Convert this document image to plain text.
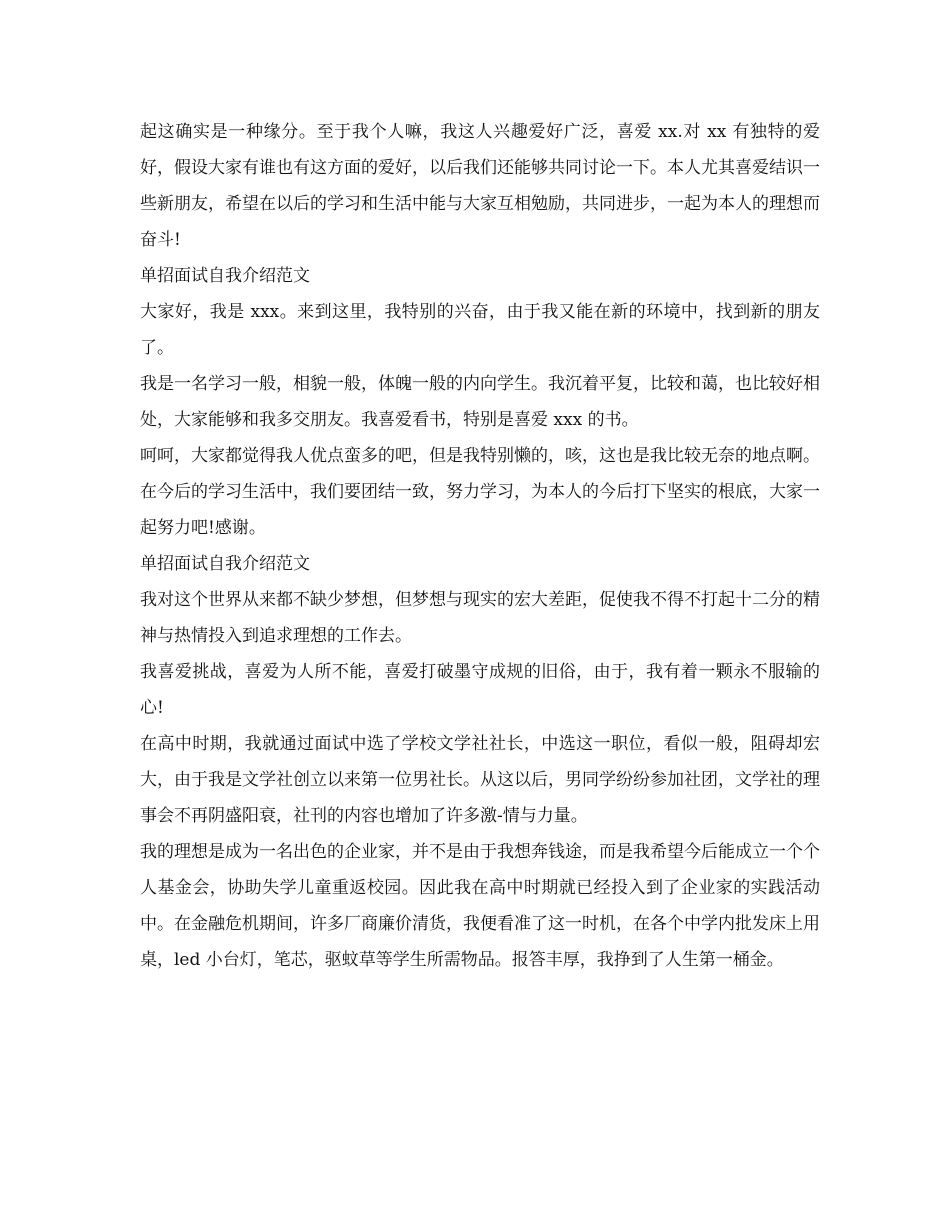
起这确实是一种缘分。至于我个人嘛，我这人兴趣爱好广泛，喜爱 xx.对 xx 有独特的爱好，假设大家有谁也有这方面的爱好，以后我们还能够共同讨论一下。本人尤其喜爱结识一些新朋友，希望在以后的学习和生活中能与大家互相勉励，共同进步，一起为本人的理想而奋斗!

单招面试自我介绍范文

大家好，我是 xxx。来到这里，我特别的兴奋，由于我又能在新的环境中，找到新的朋友了。

我是一名学习一般，相貌一般，体魄一般的内向学生。我沉着平复，比较和蔼，也比较好相处，大家能够和我多交朋友。我喜爱看书，特别是喜爱 xxx 的书。

呵呵，大家都觉得我人优点蛮多的吧，但是我特别懒的，咳，这也是我比较无奈的地点啊。

在今后的学习生活中，我们要团结一致，努力学习，为本人的今后打下坚实的根底，大家一起努力吧!感谢。

单招面试自我介绍范文

我对这个世界从来都不缺少梦想，但梦想与现实的宏大差距，促使我不得不打起十二分的精神与热情投入到追求理想的工作去。

我喜爱挑战，喜爱为人所不能，喜爱打破墨守成规的旧俗，由于，我有着一颗永不服输的心!

在高中时期，我就通过面试中选了学校文学社社长，中选这一职位，看似一般，阻碍却宏大，由于我是文学社创立以来第一位男社长。从这以后，男同学纷纷参加社团，文学社的理事会不再阴盛阳衰，社刊的内容也增加了许多激-情与力量。

我的理想是成为一名出色的企业家，并不是由于我想奔钱途，而是我希望今后能成立一个个人基金会，协助失学儿童重返校园。因此我在高中时期就已经投入到了企业家的实践活动中。在金融危机期间，许多厂商廉价清货，我便看准了这一时机，在各个中学内批发床上用桌，led 小台灯，笔芯，驱蚊草等学生所需物品。报答丰厚，我挣到了人生第一桶金。
